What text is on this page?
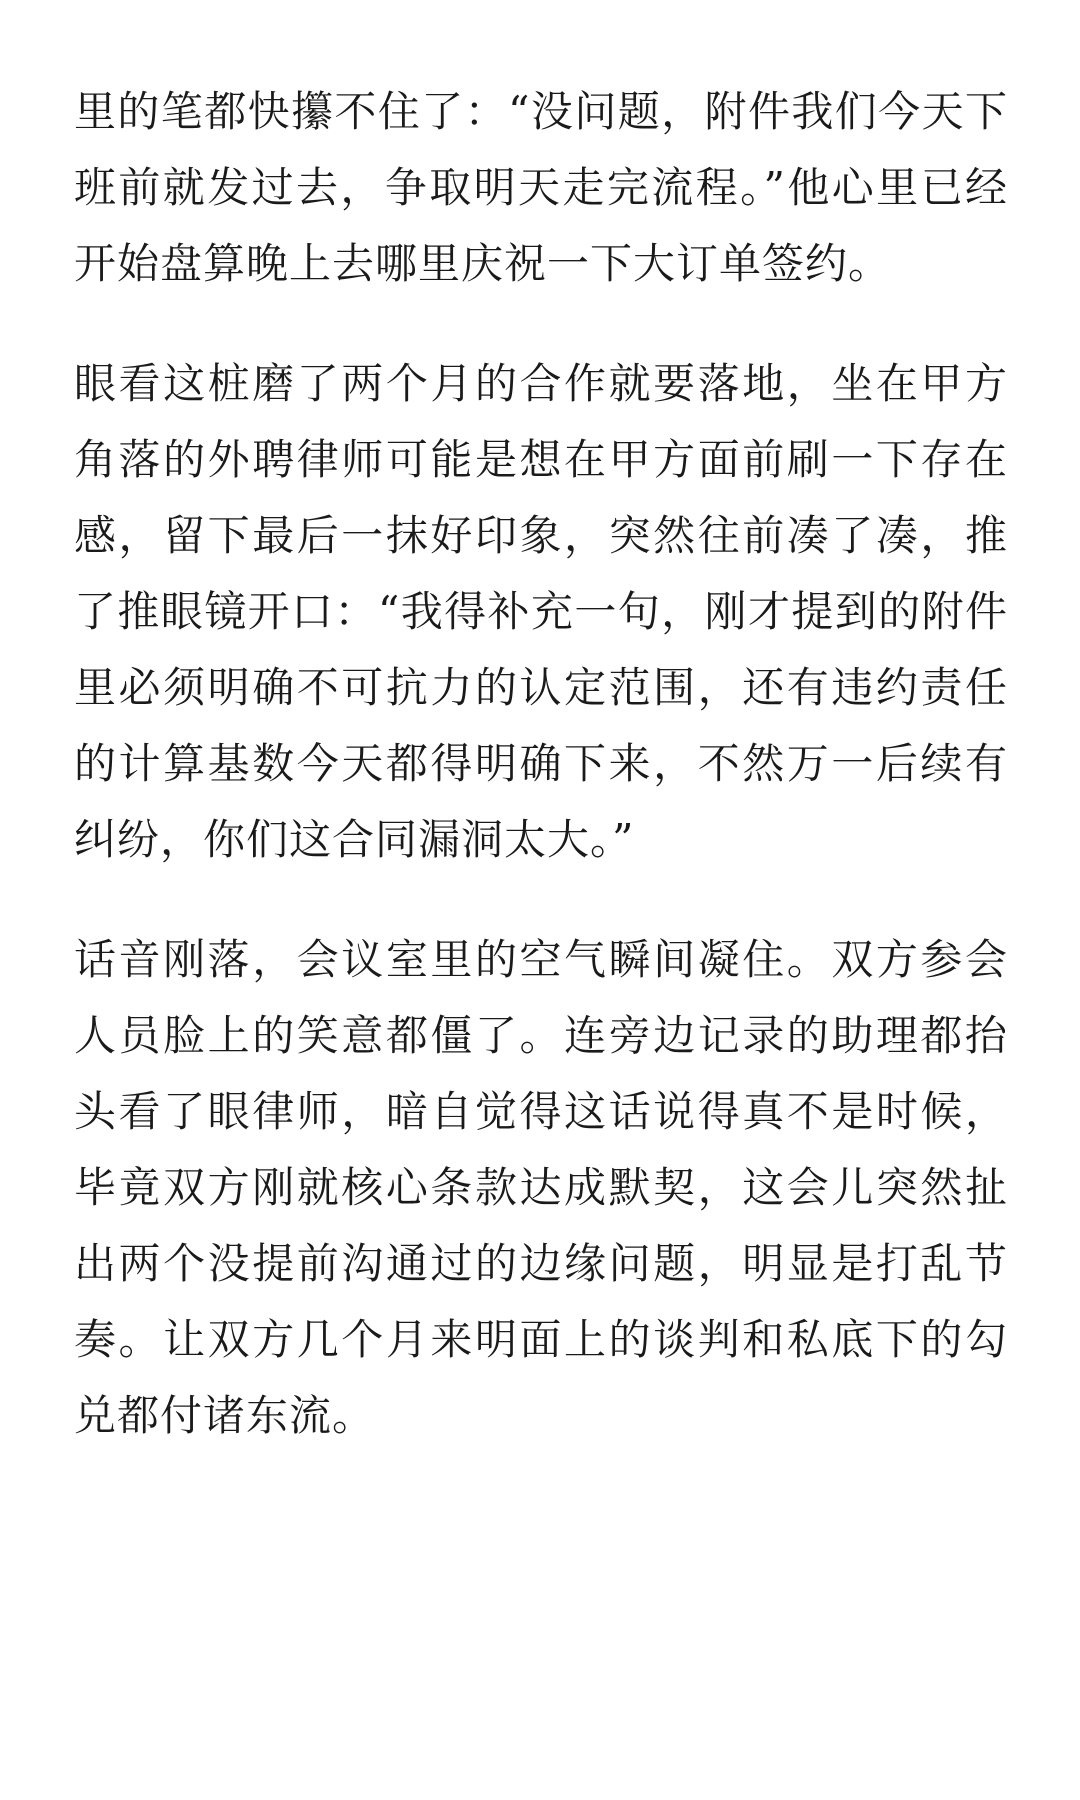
里的笔都快攥不住了：“没问题，附件我们今天下班前就发过去，争取明天走完流程。”他心里已经开始盘算晚上去哪里庆祝一下大订单签约。

眼看这桩磨了两个月的合作就要落地，坐在甲方角落的外聘律师可能是想在甲方面前刷一下存在感，留下最后一抹好印象，突然往前凑了凑，推了推眼镜开口：“我得补充一句，刚才提到的附件里必须明确不可抗力的认定范围，还有违约责任的计算基数今天都得明确下来，不然万一后续有纠纷，你们这合同漏洞太大。”

话音刚落，会议室里的空气瞬间凝住。双方参会人员脸上的笑意都僵了。连旁边记录的助理都抬头看了眼律师，暗自觉得这话说得真不是时候，毕竟双方刚就核心条款达成默契，这会儿突然扯出两个没提前沟通过的边缘问题，明显是打乱节奏。让双方几个月来明面上的谈判和私底下的勾兑都付诸东流。
